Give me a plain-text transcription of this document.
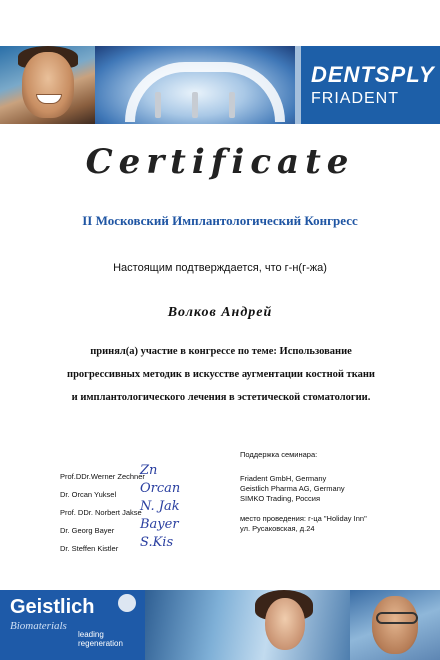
DENTSPLY
FRIADENT
Certificate
II Московский Имплантологический Конгресс
Настоящим подтверждается, что г-н(г-жа)
Волков Андрей
принял(а) участие в конгрессе по теме: Использование
прогрессивных методик в искусстве аугментации костной ткани
и имплантологического лечения в эстетической стоматологии.
Prof.DDr.Werner Zechner
Zn
Dr. Orcan Yuksel Orcan
Prof. DDr. Norbert Jakse
N. Jak
Dr. Georg Bayer Bayer
Dr. Steffen Kistler S.Kis
Поддержка семинара:
Friadent GmbH, Germany
Geistlich Pharma AG, Germany
SIMKO Trading, Россия
место проведения: г-ца "Holiday Inn"
ул. Русаковская, д.24
Geistlich
Biomaterials
leading
regeneration
